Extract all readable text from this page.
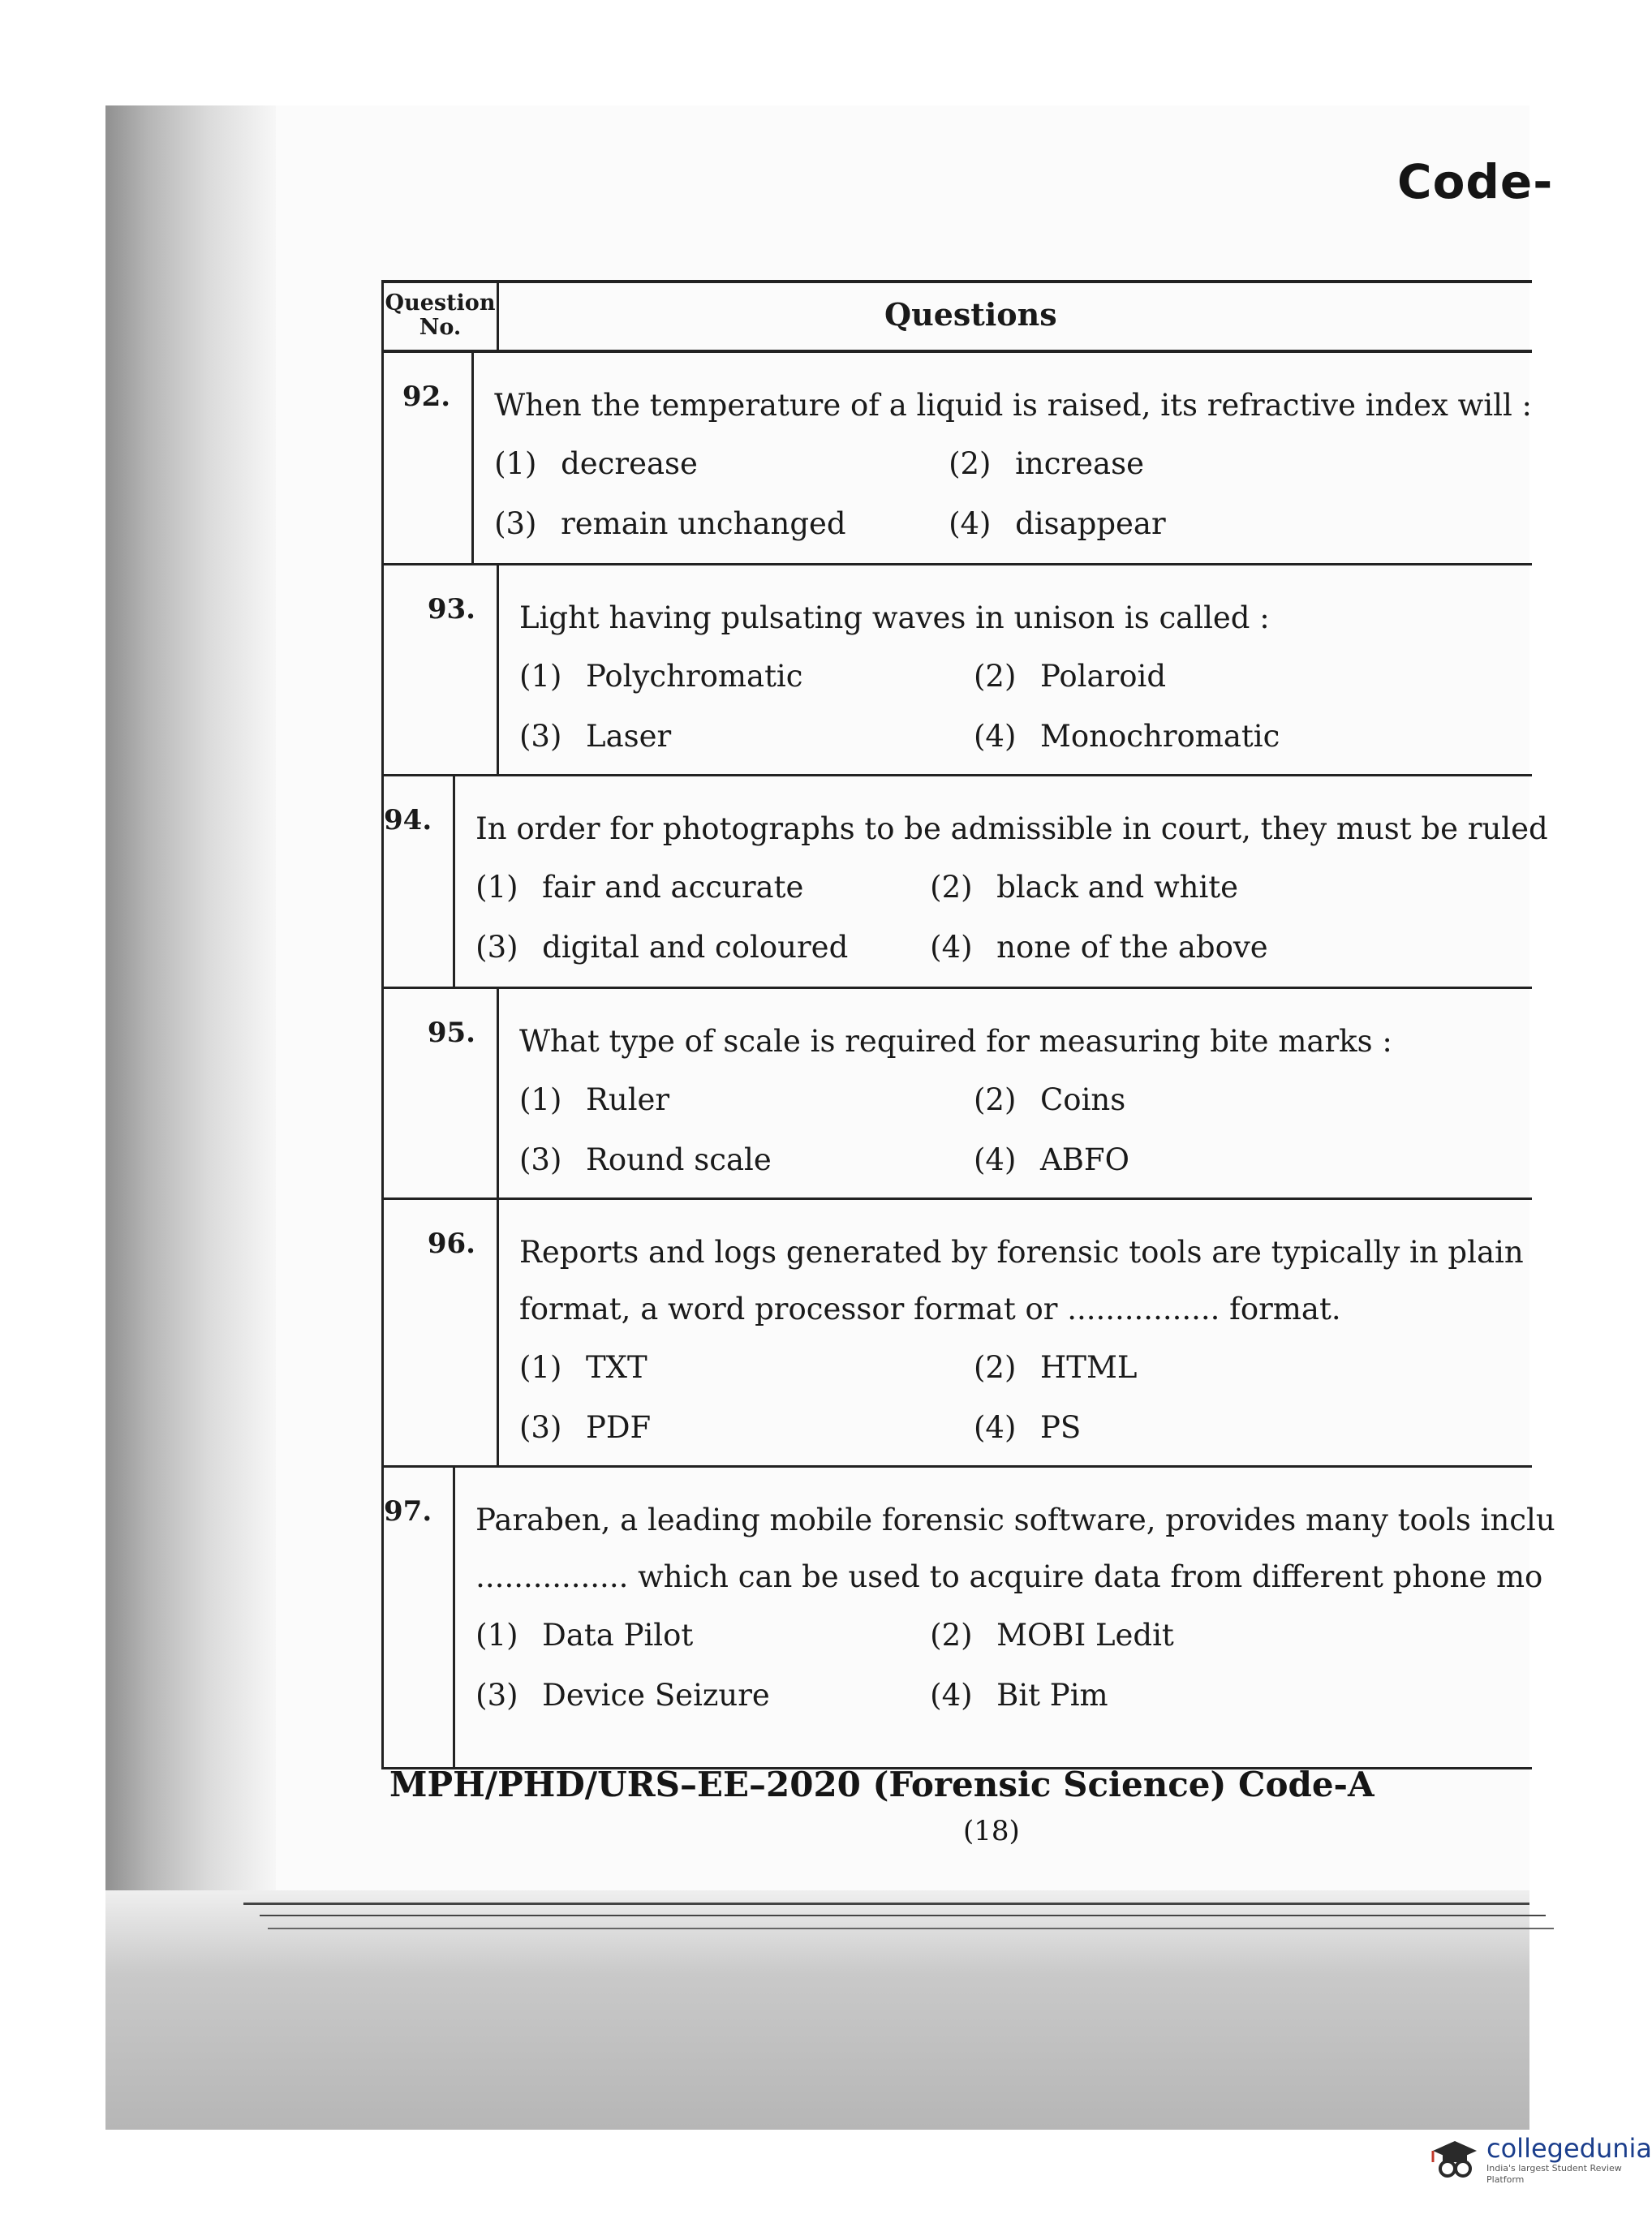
Code-
Question
No.	Questions
92.	When the temperature of a liquid is raised, its refractive index will :
(1) decrease	(2) increase
(3) remain unchanged	(4) disappear
93.	Light having pulsating waves in unison is called :
(1) Polychromatic	(2) Polaroid
(3) Laser	(4) Monochromatic
94.	In order for photographs to be admissible in court, they must be ruled
(1) fair and accurate	(2) black and white
(3) digital and coloured	(4) none of the above
95.	What type of scale is required for measuring bite marks :
(1) Ruler	(2) Coins
(3) Round scale	(4) ABFO
96.	Reports and logs generated by forensic tools are typically in plain
format, a word processor format or ................ format.
(1) TXT	(2) HTML
(3) PDF	(4) PS
97.	Paraben, a leading mobile forensic software, provides many tools inclu
................ which can be used to acquire data from different phone mo
(1) Data Pilot	(2) MOBI Ledit
(3) Device Seizure	(4) Bit Pim
MPH/PHD/URS–EE–2020 (Forensic Science) Code-A
(18)
collegedunia
India's largest Student Review Platform
